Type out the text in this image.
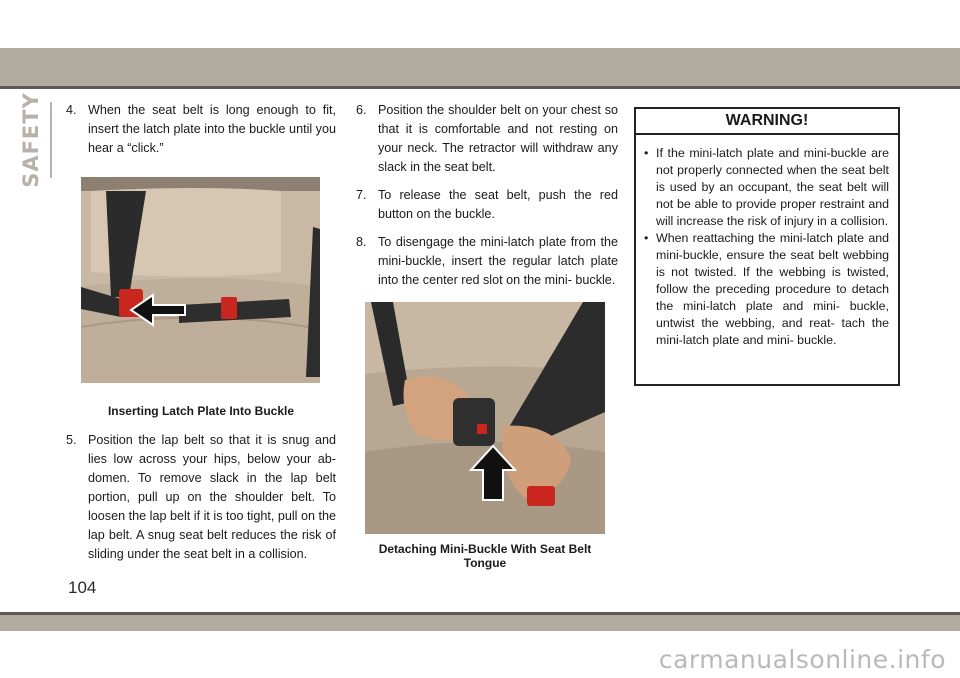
SAFETY 4. When the seat belt is long enough to fit, insert the latch plate into the buckle until you hear a “click.”
Inserting Latch Plate Into Buckle
5. Position the lap belt so that it is snug and lies low across your hips, below your ab- domen. To remove slack in the lap belt portion, pull up on the shoulder belt. To loosen the lap belt if it is too tight, pull on the lap belt. A snug seat belt reduces the risk of sliding under the seat belt in a collision.
6. Position the shoulder belt on your chest so that it is comfortable and not resting on your neck. The retractor will withdraw any slack in the seat belt.
7. To release the seat belt, push the red button on the buckle.
8. To disengage the mini-latch plate from the mini-buckle, insert the regular latch plate into the center red slot on the mini- buckle.
Detaching Mini-Buckle With Seat Belt Tongue
WARNING!
• If the mini-latch plate and mini-buckle are not properly connected when the seat belt is used by an occupant, the seat belt will not be able to provide proper restraint and will increase the risk of injury in a collision.
• When reattaching the mini-latch plate and mini-buckle, ensure the seat belt webbing is not twisted. If the webbing is twisted, follow the preceding procedure to detach the mini-latch plate and mini- buckle, untwist the webbing, and reat- tach the mini-latch plate and mini- buckle.
104
carmanualsonline.info
